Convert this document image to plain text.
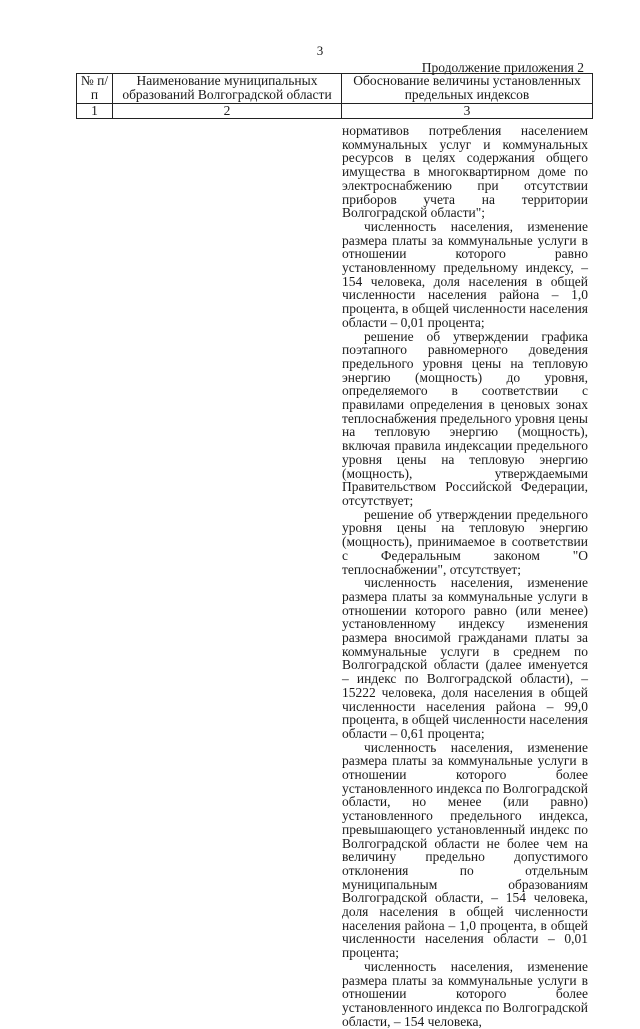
3
Продолжение приложения 2
№ п/п	Наименование муниципальных образований Волгоградской области	Обоснование величины установленных предельных индексов
1	2	3

нормативов потребления населением коммунальных услуг и коммунальных ресурсов в целях содержания общего имущества в многоквартирном доме по электроснабжению при отсутствии приборов учета на территории Волгоградской области";

численность населения, изменение размера платы за коммунальные услуги в отношении которого равно установленному предельному индексу, – 154 человека, доля населения в общей численности населения района – 1,0 процента, в общей численности населения области – 0,01 процента;

решение об утверждении графика поэтапного равномерного доведения предельного уровня цены на тепловую энергию (мощность) до уровня, определяемого в соответствии с правилами определения в ценовых зонах теплоснабжения предельного уровня цены на тепловую энергию (мощность), включая правила индексации предельного уровня цены на тепловую энергию (мощность), утверждаемыми Правительством Российской Федерации, отсутствует;

решение об утверждении предельного уровня цены на тепловую энергию (мощность), принимаемое в соответствии с Федеральным законом "О теплоснабжении", отсутствует;

численность населения, изменение размера платы за коммунальные услуги в отношении которого равно (или менее) установленному индексу изменения размера вносимой гражданами платы за коммунальные услуги в среднем по Волгоградской области (далее именуется – индекс по Волгоградской области), – 15222 человека, доля населения в общей численности населения района – 99,0 процента, в общей численности населения области – 0,61 процента;

численность населения, изменение размера платы за коммунальные услуги в отношении которого более установленного индекса по Волгоградской области, но менее (или равно) установленного предельного индекса, превышающего установленный индекс по Волгоградской области не более чем на величину предельно допустимого отклонения по отдельным муниципальным образованиям Волгоградской области, – 154 человека, доля населения в общей численности населения района – 1,0 процента, в общей численности населения области – 0,01 процента;

численность населения, изменение размера платы за коммунальные услуги в отношении которого более установленного индекса по Волгоградской области, – 154 человека,
